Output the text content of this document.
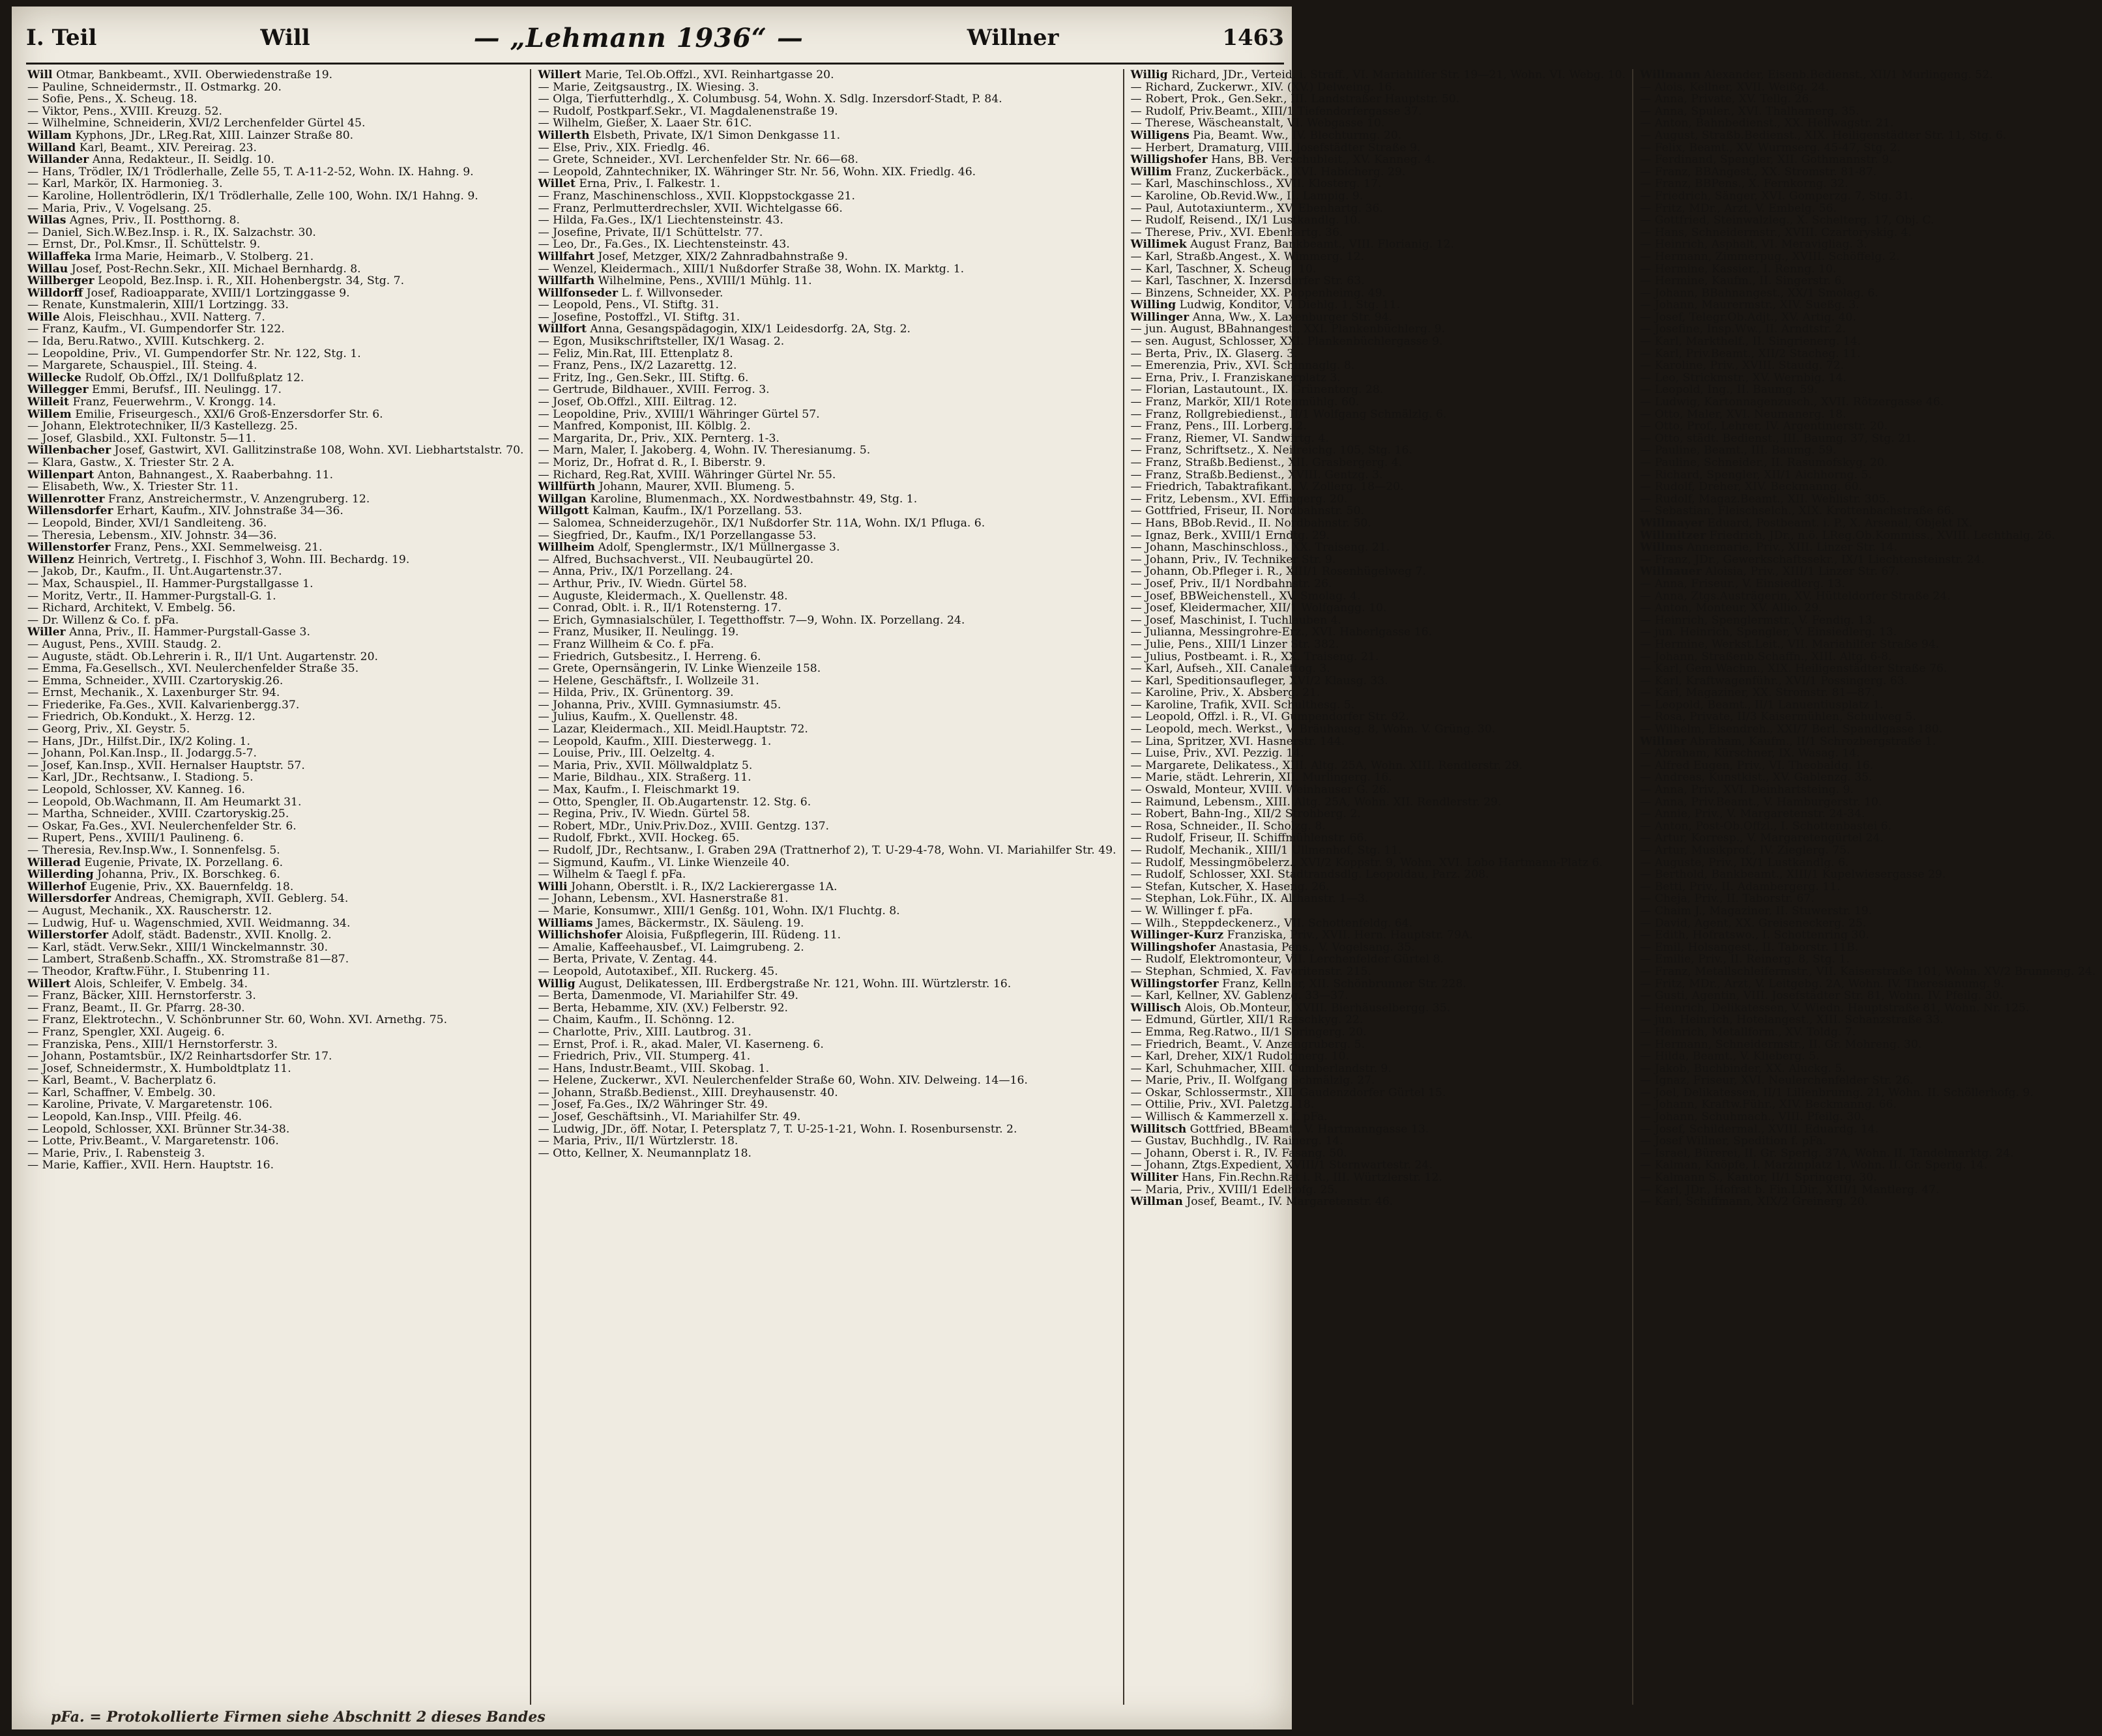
I. Teil	Will	— „Lehmann 1936“ —	Willner	1463

Will Otmar, Bankbeamt., XVII. Oberwiedenstraße 19.

— Pauline, Schneidermstr., II. Ostmarkg. 20.

— Sofie, Pens., X. Scheug. 18.

— Viktor, Pens., XVIII. Kreuzg. 52.

— Wilhelmine, Schneiderin, XVI/2 Lerchenfelder Gürtel 45.

Willam Kyphons, JDr., LReg.Rat, XIII. Lainzer Straße 80.

Willand Karl, Beamt., XIV. Pereirag. 23.

Willander Anna, Redakteur., II. Seidlg. 10.

— Hans, Trödler, IX/1 Trödlerhalle, Zelle 55, T. A-11-2-52, Wohn. IX. Hahng. 9.

— Karl, Markör, IX. Harmonieg. 3.

— Karoline, Hollentrödlerin, IX/1 Trödlerhalle, Zelle 100, Wohn. IX/1 Hahng. 9.

— Maria, Priv., V. Vogelsang. 25.

Willas Agnes, Priv., II. Postthorng. 8.

— Daniel, Sich.W.Bez.Insp. i. R., IX. Salzachstr. 30.

— Ernst, Dr., Pol.Kmsr., II. Schüttelstr. 9.

Willaffeka Irma Marie, Heimarb., V. Stolberg. 21.

Willau Josef, Post-Rechn.Sekr., XII. Michael Bernhardg. 8.

Willberger Leopold, Bez.Insp. i. R., XII. Hohenbergstr. 34, Stg. 7.

Willdorff Josef, Radioapparate, XVIII/1 Lortzinggasse 9.

— Renate, Kunstmalerin, XIII/1 Lortzingg. 33.

Wille Alois, Fleischhau., XVII. Natterg. 7.

— Franz, Kaufm., VI. Gumpendorfer Str. 122.

— Ida, Beru.Ratwo., XVIII. Kutschkerg. 2.

— Leopoldine, Priv., VI. Gumpendorfer Str. Nr. 122, Stg. 1.

— Margarete, Schauspiel., III. Steing. 4.

Willecke Rudolf, Ob.Offzl., IX/1 Dollfußplatz 12.

Willegger Emmi, Berufsf., III. Neulingg. 17.

Willeit Franz, Feuerwehrm., V. Krongg. 14.

Willem Emilie, Friseurgesch., XXI/6 Groß-Enzersdorfer Str. 6.

— Johann, Elektrotechniker, II/3 Kastellezg. 25.

— Josef, Glasbild., XXI. Fultonstr. 5—11.

Willenbacher Josef, Gastwirt, XVI. Gallitzinstraße 108, Wohn. XVI. Liebhartstalstr. 70.

— Klara, Gastw., X. Triester Str. 2 A.

Willenpart Anton, Bahnangest., X. Raaberbahng. 11.

— Elisabeth, Ww., X. Triester Str. 11.

Willenrotter Franz, Anstreichermstr., V. Anzengruberg. 12.

Willensdorfer Erhart, Kaufm., XIV. Johnstraße 34—36.

— Leopold, Binder, XVI/1 Sandleiteng. 36.

— Theresia, Lebensm., XIV. Johnstr. 34—36.

Willenstorfer Franz, Pens., XXI. Semmelweisg. 21.

Willenz Heinrich, Vertretg., I. Fischhof 3, Wohn. III. Bechardg. 19.

— Jakob, Dr., Kaufm., II. Unt.Augartenstr.37.

— Max, Schauspiel., II. Hammer-Purgstallgasse 1.

— Moritz, Vertr., II. Hammer-Purgstall-G. 1.

— Richard, Architekt, V. Embelg. 56.

— Dr. Willenz & Co. f. pFa.

Willer Anna, Priv., II. Hammer-Purgstall-Gasse 3.

— August, Pens., XVIII. Staudg. 2.

— Auguste, städt. Ob.Lehrerin i. R., II/1 Unt. Augartenstr. 20.

— Emma, Fa.Gesellsch., XVI. Neulerchenfelder Straße 35.

— Emma, Schneider., XVIII. Czartoryskig.26.

— Ernst, Mechanik., X. Laxenburger Str. 94.

— Friederike, Fa.Ges., XVII. Kalvarienbergg.37.

— Friedrich, Ob.Kondukt., X. Herzg. 12.

— Georg, Priv., XI. Geystr. 5.

— Hans, JDr., Hilfst.Dir., IX/2 Koling. 1.

— Johann, Pol.Kan.Insp., II. Jodargg.5-7.

— Josef, Kan.Insp., XVII. Hernalser Hauptstr. 57.

— Karl, JDr., Rechtsanw., I. Stadiong. 5.

— Leopold, Schlosser, XV. Kanneg. 16.

— Leopold, Ob.Wachmann, II. Am Heumarkt 31.

— Martha, Schneider., XVIII. Czartoryskig.25.

— Oskar, Fa.Ges., XVI. Neulerchenfelder Str. 6.

— Rupert, Pens., XVIII/1 Paulineng. 6.

— Theresia, Rev.Insp.Ww., I. Sonnenfelsg. 5.

Willerad Eugenie, Private, IX. Porzellang. 6.

Willerding Johanna, Priv., IX. Borschkeg. 6.

Willerhof Eugenie, Priv., XX. Bauernfeldg. 18.

Willersdorfer Andreas, Chemigraph, XVII. Geblerg. 54.

— August, Mechanik., XX. Rauscherstr. 12.

— Ludwig, Huf- u. Wagenschmied, XVII. Weidmanng. 34.

Willerstorfer Adolf, städt. Badenstr., XVII. Knollg. 2.

— Karl, städt. Verw.Sekr., XIII/1 Winckelmannstr. 30.

— Lambert, Straßenb.Schaffn., XX. Stromstraße 81—87.

— Theodor, Kraftw.Führ., I. Stubenring 11.

Willert Alois, Schleifer, V. Embelg. 34.

— Franz, Bäcker, XIII. Hernstorferstr. 3.

— Franz, Beamt., II. Gr. Pfarrg. 28-30.

— Franz, Elektrotechn., V. Schönbrunner Str. 60, Wohn. XVI. Arnethg. 75.

— Franz, Spengler, XXI. Augeig. 6.

— Franziska, Pens., XIII/1 Hernstorferstr. 3.

— Johann, Postamtsbür., IX/2 Reinhartsdorfer Str. 17.

— Josef, Schneidermstr., X. Humboldtplatz 11.

— Karl, Beamt., V. Bacherplatz 6.

— Karl, Schaffner, V. Embelg. 30.

— Karoline, Private, V. Margaretenstr. 106.

— Leopold, Kan.Insp., VIII. Pfeilg. 46.

— Leopold, Schlosser, XXI. Brünner Str.34-38.

— Lotte, Priv.Beamt., V. Margaretenstr. 106.

— Marie, Priv., I. Rabensteig 3.

— Marie, Kaffier., XVII. Hern. Hauptstr. 16.

Willert Marie, Tel.Ob.Offzl., XVI. Reinhartgasse 20.

— Marie, Zeitgsaustrg., IX. Wiesing. 3.

— Olga, Tierfutterhdlg., X. Columbusg. 54, Wohn. X. Sdlg. Inzersdorf-Stadt, P. 84.

— Rudolf, Postkparf.Sekr., VI. Magdalenenstraße 19.

— Wilhelm, Gießer, X. Laaer Str. 61C.

Willerth Elsbeth, Private, IX/1 Simon Denkgasse 11.

— Else, Priv., XIX. Friedlg. 46.

— Grete, Schneider., XVI. Lerchenfelder Str. Nr. 66—68.

— Leopold, Zahntechniker, IX. Währinger Str. Nr. 56, Wohn. XIX. Friedlg. 46.

Willet Erna, Priv., I. Falkestr. 1.

— Franz, Maschinenschloss., XVII. Kloppstockgasse 21.

— Franz, Perlmutterdrechsler, XVII. Wichtelgasse 66.

— Hilda, Fa.Ges., IX/1 Liechtensteinstr. 43.

— Josefine, Private, II/1 Schüttelstr. 77.

— Leo, Dr., Fa.Ges., IX. Liechtensteinstr. 43.

Willfahrt Josef, Metzger, XIX/2 Zahnradbahnstraße 9.

— Wenzel, Kleidermach., XIII/1 Nußdorfer Straße 38, Wohn. IX. Marktg. 1.

Willfarth Wilhelmine, Pens., XVIII/1 Mühlg. 11.

Willfonseder L. f. Willvonseder.

— Leopold, Pens., VI. Stiftg. 31.

— Josefine, Postoffzl., VI. Stiftg. 31.

Willfort Anna, Gesangspädagogin, XIX/1 Leidesdorfg. 2A, Stg. 2.

— Egon, Musikschriftsteller, IX/1 Wasag. 2.

— Feliz, Min.Rat, III. Ettenplatz 8.

— Franz, Pens., IX/2 Lazarettg. 12.

— Fritz, Ing., Gen.Sekr., III. Stiftg. 6.

— Gertrude, Bildhauer., XVIII. Ferrog. 3.

— Josef, Ob.Offzl., XIII. Eiltrag. 12.

— Leopoldine, Priv., XVIII/1 Währinger Gürtel 57.

— Manfred, Komponist, III. Kölblg. 2.

— Margarita, Dr., Priv., XIX. Pernterg. 1-3.

— Marn, Maler, I. Jakoberg. 4, Wohn. IV. Theresianumg. 5.

— Moriz, Dr., Hofrat d. R., I. Biberstr. 9.

— Richard, Reg.Rat, XVIII. Währinger Gürtel Nr. 55.

Willfürth Johann, Maurer, XVII. Blumeng. 5.

Willgan Karoline, Blumenmach., XX. Nordwestbahnstr. 49, Stg. 1.

Willgott Kalman, Kaufm., IX/1 Porzellang. 53.

— Salomea, Schneiderzugehör., IX/1 Nußdorfer Str. 11A, Wohn. IX/1 Pfluga. 6.

— Siegfried, Dr., Kaufm., IX/1 Porzellangasse 53.

Willheim Adolf, Spenglermstr., IX/1 Müllnergasse 3.

— Alfred, Buchsachverst., VII. Neubaugürtel 20.

— Anna, Priv., IX/1 Porzellang. 24.

— Arthur, Priv., IV. Wiedn. Gürtel 58.

— Auguste, Kleidermach., X. Quellenstr. 48.

— Conrad, Oblt. i. R., II/1 Rotensterng. 17.

— Erich, Gymnasialschüler, I. Tegetthoffstr. 7—9, Wohn. IX. Porzellang. 24.

— Franz, Musiker, II. Neulingg. 19.

— Franz Willheim & Co. f. pFa.

— Friedrich, Gutsbesitz., I. Herreng. 6.

— Grete, Opernsängerin, IV. Linke Wienzeile 158.

— Helene, Geschäftsfr., I. Wollzeile 31.

— Hilda, Priv., IX. Grünentorg. 39.

— Johanna, Priv., XVIII. Gymnasiumstr. 45.

— Julius, Kaufm., X. Quellenstr. 48.

— Lazar, Kleidermach., XII. Meidl.Hauptstr. 72.

— Leopold, Kaufm., XIII. Diesterwegg. 1.

— Louise, Priv., III. Oelzeltg. 4.

— Maria, Priv., XVII. Möllwaldplatz 5.

— Marie, Bildhau., XIX. Straßerg. 11.

— Max, Kaufm., I. Fleischmarkt 19.

— Otto, Spengler, II. Ob.Augartenstr. 12. Stg. 6.

— Regina, Priv., IV. Wiedn. Gürtel 58.

— Robert, MDr., Univ.Priv.Doz., XVIII. Gentzg. 137.

— Rudolf, Fbrkt., XVII. Hockeg. 65.

— Rudolf, JDr., Rechtsanw., I. Graben 29A (Trattnerhof 2), T. U-29-4-78, Wohn. VI. Mariahilfer Str. 49.

— Sigmund, Kaufm., VI. Linke Wienzeile 40.

— Wilhelm & Taegl f. pFa.

Willi Johann, Oberstlt. i. R., IX/2 Lackierergasse 1A.

— Johann, Lebensm., XVI. Hasnerstraße 81.

— Marie, Konsumwr., XIII/1 Genßg. 101, Wohn. IX/1 Fluchtg. 8.

Williams James, Bäckermstr., IX. Säuleng. 19.

Willichshofer Aloisia, Fußpflegerin, III. Rüdeng. 11.

— Amalie, Kaffeehausbef., VI. Laimgrubeng. 2.

— Berta, Private, V. Zentag. 44.

— Leopold, Autotaxibef., XII. Ruckerg. 45.

Willig August, Delikatessen, III. Erdbergstraße Nr. 121, Wohn. III. Würtzlerstr. 16.

— Berta, Damenmode, VI. Mariahilfer Str. 49.

— Berta, Hebamme, XIV. (XV.) Felberstr. 92.

— Chaim, Kaufm., II. Schönng. 12.

— Charlotte, Priv., XIII. Lautbrog. 31.

— Ernst, Prof. i. R., akad. Maler, VI. Kaserneng. 6.

— Friedrich, Priv., VII. Stumperg. 41.

— Hans, Industr.Beamt., VIII. Skobag. 1.

— Helene, Zuckerwr., XVI. Neulerchenfelder Straße 60, Wohn. XIV. Delweing. 14—16.

— Johann, Straßb.Bedienst., XIII. Dreyhausenstr. 40.

— Josef, Fa.Ges., IX/2 Währinger Str. 49.

— Josef, Geschäftsinh., VI. Mariahilfer Str. 49.

— Ludwig, JDr., öff. Notar, I. Petersplatz 7, T. U-25-1-21, Wohn. I. Rosenbursenstr. 2.

— Maria, Priv., II/1 Würtzlerstr. 18.

— Otto, Kellner, X. Neumannplatz 18.

Willig Richard, JDr., Verteid. i. Straff., VI. Mariahilfer Str. 19—21, Wohn. VI. Webg. 10.

— Richard, Zuckerwr., XIV. (XV.) Delweing. 16.

— Robert, Prok., Gen.Sekr., III. Landstraßer Hauptstr. 50.

— Rudolf, Priv.Beamt., XIII/1 Tiefendorfergasse 37.

— Therese, Wäscheanstalt, VI. Webgasse 10.

Willigens Pia, Beamt. Ww., IV. Blechturmg. 20.

— Herbert, Dramaturg, VIII. Josefstädter Straße 9.

Willigshofer Hans, BB. Verschubleit., XV. Kanneg. 4.

Willim Franz, Zuckerbäck., XVI. Habicherg. 29.

— Karl, Maschinschloss., XVII. Klosterg. 17.

— Karoline, Ob.Revid.Ww., II. Lampig. 9.

— Paul, Autotaxiunterm., XV. Ebenhartg. 36.

— Rudolf, Reisend., IX/1 Lustkandlg. 10.

— Therese, Priv., XVI. Ebenhartg. 36.

Willimek August Franz, Bankbeamt., VIII. Florianig. 12.

— Karl, Straßb.Angest., X. Wimmerg. 12.

— Karl, Taschner, X. Scheug. 10.

— Karl, Taschner, X. Inzersdorfer Str. 63.

— Binzens, Schneider, XX. Pappenheimg. 49.

Willing Ludwig, Konditor, V. Diehlg. 1, Stg. 11.

Willinger Anna, Ww., X. Laxenburger Str. 94.

— jun. August, BBahnangest., XXI. Plankenbüchlerg. 9.

— sen. August, Schlosser, XXI. Plankenbüchlergasse 9.

— Berta, Priv., IX. Glaserg. 3.

— Emerenzia, Priv., XVI. Schinnaglg. 8.

— Erna, Priv., I. Franziskanerplatz 3.

— Florian, Lastautount., IX. Grünentorg. 28.

— Franz, Markör, XII/1 Rotenmühlg. 60.

— Franz, Rollgrebiedienst., II/1 Wolfgang Schmälzlg. 6.

— Franz, Pens., III. Lorberg. 2.

— Franz, Riemer, VI. Sandwirtg. 4.

— Franz, Schriftsetz., X. Neilreichg. 105, Stg. 16.

— Franz, Straßb.Bedienst., XII. Grasbergerg. 4.

— Franz, Straßb.Bedienst., XVIII. Gentzg. 3.

— Friedrich, Tabaktrafikant., V. Zollerg. 18—20.

— Fritz, Lebensm., XVI. Effingerg. 20.

— Gottfried, Friseur, II. Nordbahnstr. 50.

— Hans, BBob.Revid., II. Nordbahnstr. 50.

— Ignaz, Berk., XVIII/1 Erndtg. 29.

— Johann, Maschinschloss., XX. Traiseng. 21.

— Johann, Priv., IV. Techniker Str. 9.

— Johann, Ob.Pfleger i. R., XIII/1 Rosenhügelweg 7.

— Josef, Priv., II/1 Nordbahnstr. 26.

— Josef, BBWeichenstell., XV. Smolag. 4.

— Josef, Kleidermacher, XII/1 Wolfgangg. 10.

— Josef, Maschinist, I. Tuchlauben 4.

— Julianna, Messingrohre-Erz., XVI. Haberlgasse 16.

— Julie, Pens., XIII/1 Linzer Str. 382.

— Julius, Postbeamt. i. R., XX. Traiseng. 21.

— Karl, Aufseh., XII. Canalettog. 3.

— Karl, Speditionsaufleger, XVI/2 Klausg. 33.

— Karoline, Priv., X. Absberg. 21.

— Karoline, Trafik, XVII. Schulthesg. 5.

— Leopold, Offzl. i. R., VI. Gumpendorfer Str. 92.

— Leopold, mech. Werkst., V. Bräuhausg. 8, Wohn. V. Grüng. 30.

— Lina, Spritzer, XVI. Hasnerstr. 144.

— Luise, Priv., XVI. Pezzig. 14.

— Margarete, Delikatess., XIII. Altg. 25A, Wohn. XIII. Rendlerstr. 29.

— Marie, städt. Lehrerin, XII. Murlingerg. 16.

— Oswald, Monteur, XVIII. Weinhauser G. 26.

— Raimund, Lebensm., XIII. Altg. 25A, Wohn. XII. Rendlerstr. 29.

— Robert, Bahn-Ing., XII/2 Strohberg. 2.

— Rosa, Schneider., II. Scholzg. 8.

— Rudolf, Friseur, II. Schiffmühlenstr. 66.

— Rudolf, Mechanik., XIII/1 Ullmenhof, Stg. 11.

— Rudolf, Messingmöbelerz., XVI/2 Koppstr. 9, Wohn. XVI. Lobo Hartmann-Platz 6.

— Rudolf, Schlosser, XXI. Stadtrandsdlg. Leopoldau, Parz. 208.

— Stefan, Kutscher, X. Haseng. 26.

— Stephan, Lok.Führ., IX. Althanstr. 1—3.

— W. Willinger f. pFa.

— Wilh., Steppdeckenerz., VII. Schottenfeldg. 64.

Willinger-Kurz Franziska, Priv., XVII. Hern. Hauptstr. 79A.

Willingshofer Anastasia, Pens., V. Vogelsang. 35.

— Rudolf, Elektromonteur, VII. Lerchenfelder Gürtel 8.

— Stephan, Schmied, X. Favoritenstr. 215.

Willingstorfer Franz, Kellner, XII. Schönbrunner Str. 228.

— Karl, Kellner, XV. Gablenzg. 33—37.

Willisch Alois, Ob.Monteur, XVIII. Bierhäuselbergg. 35.

— Edmund, Gürtler, XII/1 Ratschkyg. 22.

— Emma, Reg.Ratwo., II/1 Springerg. 20.

— Friedrich, Beamt., V. Anzengruberg. 5.

— Karl, Dreher, XIX/1 Rudolfinerg. 10.

— Karl, Schuhmacher, XIII. Cumberlandstr. 9.

— Marie, Priv., II. Wolfgang Schmälzlg. 27.

— Oskar, Schlossermstr., XII. Gaudenzdorfer Gürtel 15.

— Ottilie, Priv., XVI. Paletzg. 18.

— Willisch & Kammerzell x. f. pFa.

Willitsch Gottfried, BBeamt., V. Hartmanngasse 13.

— Gustav, Buchhdlg., IV. Rainerg. 14.

— Johann, Oberst i. R., IV. Fasang. 50.

— Johann, Ztgs.Expedient, XVIII/1 Sternwartestr. 24.

Williter Hans, Fin.Rechn.Rat i. R., III. Würtzlerstr. 12.

— Maria, Priv., XVIII/1 Edelhofg. 25.

Willman Josef, Beamt., IV. Margaretenstr. 46.

Willmann Alexander, Eisenb.Bedienst., XII/1 Murlingeng. 52.

— Alois, Kellner, XVII. Weißg. 24.

— Anna, Private, XV. Tellg. 26.

— Anna, Spuler., XVI. Thalhamerg. 35.

— Anton, Bahnbedienst., XX. Hellwagstr. 21.

— August, Straßb.Bedienst., XIX. Heiligenstädter Str. 11, Stg. 6.

— Felix, Beamt., XV. Wurmserg. 45-47, Stg. 2.

— Ferdinand, Spengler, XII. Gothmannstr. 9.

— Franz, BBAngest., XX. Stromstr. 81-87.

— Franz, BBPens., X. Fernkorng. 32.

— Friedrich, Sänger, XVI. Gomperzg. 7, Stg. 31.

— Fritz, MDr., Arzt, V. Embelg. 56.

— Gottfried, Steinwalzleg., X. Schelterg. 17, Obj. C.

— Hans, Schneidermstr., XVIII. Czartoryskig. 4.

— Heinrich, Asphalt, VI. Meravigliag. 3.

— Hermann, Zimmerpug., XVIII. Schöffelg. 2.

— Hermine, Kassier., I. Renng. 10.

— Hermine, Kaufm., II. Singerstr. 6.

— Johann, BBahnangest., XX/1 Smolag. 6.

— Johann, Maurermstr., XIV. Sueßg. 3.

— Josef, Telegr.Ob.Adjt., XV. Artig. 40.

— Josefine, Insp.Ww., II. Arndtstr. 2.

— Karl, Markthelf., II. Singrienerg. 14.

— Karl, Priv.Beamt., XII/2 Stacheg. 11.

— Karoline, Priv., XVIII. Staudg. 72.

— Leo, Strickmstr., XV. Wernbig. 14.

— Leopold, Ing., II. Baumg. 59.

— Ludwig, Kartonnagenzusch., XVII. Rötzergasse 46.

— Otto, Maler, XVI. Neumanerg. 18.

— Otto, Prof., Lehrer, IV. Argentinierstr. 20.

— Otto, städt. Bedienst., III. Baumg. 37, Stg. 21.

— Pauline, Beamt., III. Baumg. 59.

— Pauline, Schneider., II. Rasumofskyg. 20.

— Richard, Spengler, XII/1 Aichhorng. 5.

— Rudolf, Dreher, XIV. Beckmanng. 60.

— Rudolf, Magaz.Beamt., XII. Wehlistr. 305.

— Sebastian, Fleischselch., XIX. Krottenbachstraße 66.

Willmayer Eduard, Postbeamt. i. P., X. Arsenal, Objekt IX.

Willmitzer Friedrich, JDr., n.ö. LReg.Ob.Kommiss., XVIII. Lechthalg. 26.

Willms Annemarie, Priv., XIII. Linzer Str. 14.

— Franz, JDr., Gewerkschaftssekr., IX/1 Liechtensteinstr. 24.

Willnauer Aloisia, Priv., XIII/1 Linzer Str. 67.

— Anna, Friseur., V. Einsiedlerg. 13.

— Anna, Ztgs.Austrägerin, XV. Hütteldorfer Straße 24.

— Anton, Monteur, XV. Allio. 29.

— Heinrich, Spenglermstr., V. Fendig. 13.

— jun. Heinrich, Spengler, V. Einsiedlerg. 13.

— Hermine, Werkst.Leit., VII. Mariahilfer Straße 94.

— Johann, Straßenb.Schaffn., XIII. Altg. 6-8.

— Karl, Gem.Wachm., XIX. Heiligenstädter Straße 76.

— Karl, Kraftwagenführ., XVI/1 Possingerg. 63.

— Karl, Magaziner, XX. Stromstr. 81—87.

— Leopold, Beamt., II/1 Lanuentiusplatz 1.

— Rosa, Private, II/3 Kaisermühlen, Schulweg 5.

— Wilhelm, Eisendreh., XXI/7 Berl. Spandlgasse 180.

Willner Abraham, Kaufm., II/1 Schrozbergstraße 1.

— Abraham, Kürschner, IX. Wasag. 14.

— Alfred Eugen, Priv., VI. Theobaldg. 16.

— Andreas, Kunstkist., XV. Gablenzg. 35.

— Anna, Priv., XVI. Deinhartsteing. 9.

— Anna, Priv.Beamt., V. Hamburgerstr. 10.

— Annie, Priv., V. Margaretenstr. 24-34.

— Anton, Post-Ob.Offzl., I. Schottenbastei 6.

— Artur, Korresp., V. Margaretengürtel 24.

— Artur, Musikprof., IV. Zieglerg. 75.

— Auguste, Priv., IX/1 Lustkandlg. 6.

— Berthold, Bankbeamt., XIII/1 Kupelwiesergasse 29.

— Betti, Priv., II. Adambergerg. 11.

— Cheja, Priv., II. Taborstr. 67.

— Chaim J., Magaziner, II. Stuwerstr. 19.

— David, Agent, XX. Greiseneckerg. 25.

— Edith, Hofratswo., I. Schottenring 30.

— Emil, Holsangest., II. Taborstr. 11B.

— Emilie, Priv., II. Reinerg. 8, Stg. 1.

— Franz, Metallschleifermstr., VII. Kaiserstraße 101, Wohn. XV/2 Brunneng. 24.

— Fritz, MDr., Arzt, V. Leitgebg. 2A, Wohn. IV. Theresianumg. 9.

— Gusti, Agentin, VIII. Josefstädter Str. 81, Wohn. IV. Pfeilg. 30.

— Heinrich, Delikatessen, V. Wiedn. Hauptstraße 81, Wohn. Nr. 125.

— jun. Heinrich, Hotelangest., XIII. Schanzstraße 33.

— Heinrich, Metallform., XV. Toldg. 7.

— Hermann, Schneidermstr., II. Gr. Mohreng. 30.

— Hilda, Beamt., V. Klieberg. 5.

— Jakob, Buchbinder, XX. Aluckg. 5.

— Ignaz, Friseur, XVI. Neulerchenfelder Str. 26.

— Joel, Delikatessen, II/1 Lilienbrunng. 21, Wohn. II. Schöllerhofg. 9.

— Johann, Kraftw.Führ., XIV. Beckmanng. 66.

— Johann, Schuhmach., VIII. Pfeilg. 30.

— Josef, Schildermal., XVIII. Eduardg. 14.

— Josef Willner, Spedition f. pFa.

— Israel, Bürerei, II. Gr. Sperlg. 37A, Wohn. II. Tandelmarktg. 24.

— Kalman, Knöpfe, I. Marzinplatz 1, Wohn. II. Gr. Sperlg. 14.

— Kalmann S., Kantor, II/1 Springerg. 30.

— Karl, JDr., Hofrat b. Fin.LDir., XIII/1 Mantlerg. 47.

— Karl, Schiffmann, XIX/2 Greinerg. 20.

pFa. = Protokollierte Firmen siehe Abschnitt 2 dieses Bandes
